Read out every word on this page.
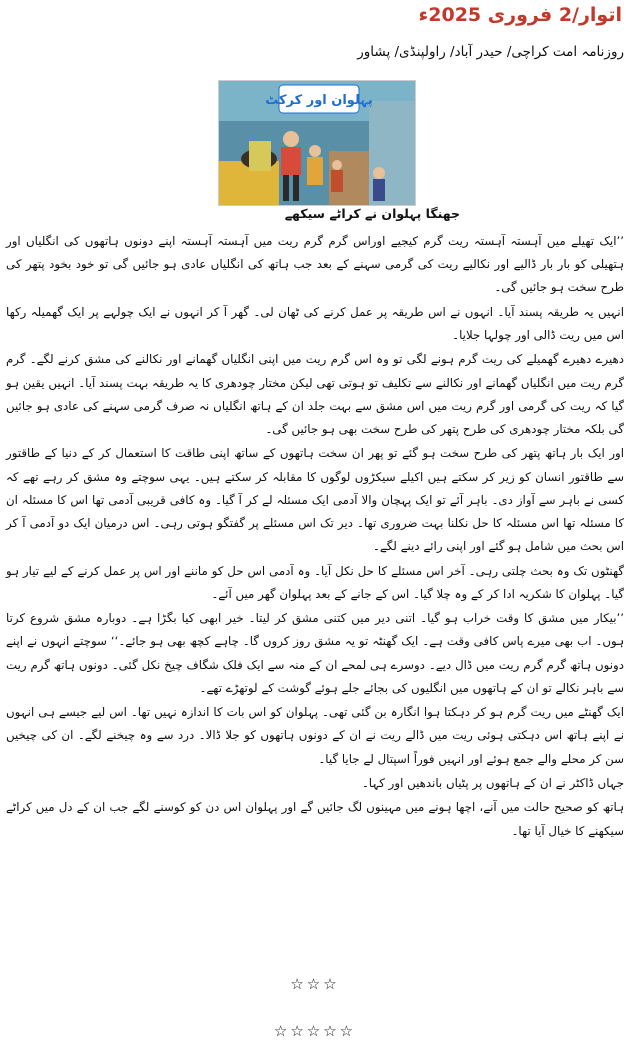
اتوار/2 فروری 2025ء
روزنامہ امت کراچی/ حیدر آباد/ راولپنڈی/ پشاور
پہلوان اور کرکٹ
جھنگا پہلوان نے کراٹے سیکھے

’’ایک تھیلے میں آہستہ آہستہ ریت گرم کیجیے اوراس گرم گرم ریت میں آہستہ آہستہ اپنے دونوں ہاتھوں کی انگلیاں اور ہتھیلی کو بار بار ڈالیے اور نکالیے ریت کی گرمی سہنے کے بعد جب ہاتھ کی انگلیاں عادی ہو جائیں گی تو خود بخود پتھر کی طرح سخت ہو جائیں گی۔

انہیں یہ طریقہ پسند آیا۔ انہوں نے اس طریقہ پر عمل کرنے کی ٹھان لی۔ گھر آ کر انہوں نے ایک چولہے پر ایک گھمیلہ رکھا اس میں ریت ڈالی اور چولہا جلایا۔

دھیرے دھیرے گھمیلے کی ریت گرم ہونے لگی تو وہ اس گرم ریت میں اپنی انگلیاں گھمانے اور نکالنے کی مشق کرنے لگے۔ گرم گرم ریت میں انگلیاں گھمانے اور نکالنے سے تکلیف تو ہوتی تھی لیکن مختار چودھری کا یہ طریقہ بہت پسند آیا۔ انہیں یقین ہو گیا کہ ریت کی گرمی اور گرم ریت میں اس مشق سے بہت جلد ان کے ہاتھ انگلیاں نہ صرف گرمی سہنے کی عادی ہو جائیں گی بلکہ مختار چودھری کی طرح پتھر کی طرح سخت بھی ہو جائیں گی۔

اور ایک بار ہاتھ پتھر کی طرح سخت ہو گئے تو پھر ان سخت ہاتھوں کے ساتھ اپنی طاقت کا استعمال کر کے دنیا کے طاقتور سے طاقتور انسان کو زیر کر سکتے ہیں اکیلے سیکڑوں لوگوں کا مقابلہ کر سکتے ہیں۔ یہی سوچتے وہ مشق کر رہے تھے کہ کسی نے باہر سے آواز دی۔ باہر آئے تو ایک پہچان والا آدمی ایک مسئلہ لے کر آ گیا۔ وہ کافی قریبی آدمی تھا اس کا مسئلہ ان کا مسئلہ تھا اس مسئلہ کا حل نکلنا بہت ضروری تھا۔ دیر تک اس مسئلے پر گفتگو ہوتی رہی۔ اس درمیان ایک دو آدمی آ کر اس بحث میں شامل ہو گئے اور اپنی رائے دینے لگے۔

گھنٹوں تک وہ بحث چلتی رہی۔ آخر اس مسئلے کا حل نکل آیا۔ وہ آدمی اس حل کو ماننے اور اس پر عمل کرنے کے لیے تیار ہو گیا۔ پہلوان کا شکریہ ادا کر کے وہ چلا گیا۔ اس کے جانے کے بعد پہلوان گھر میں آئے۔

’’بیکار میں مشق کا وقت خراب ہو گیا۔ اتنی دیر میں کتنی مشق کر لیتا۔ خیر ابھی کیا بگڑا ہے۔ دوبارہ مشق شروع کرتا ہوں۔ اب بھی میرے پاس کافی وقت ہے۔ ایک گھنٹہ تو یہ مشق روز کروں گا۔ چاہے کچھ بھی ہو جائے۔‘‘ سوچتے انہوں نے اپنے دونوں ہاتھ گرم گرم ریت میں ڈال دیے۔ دوسرے ہی لمحے ان کے منہ سے ایک فلک شگاف چیخ نکل گئی۔ دونوں ہاتھ گرم ریت سے باہر نکالے تو ان کے ہاتھوں میں انگلیوں کی بجائے جلے ہوئے گوشت کے لوتھڑے تھے۔

ایک گھنٹے میں ریت گرم ہو کر دہکتا ہوا انگارہ بن گئی تھی۔ پہلوان کو اس بات کا اندازہ نہیں تھا۔ اس لیے جیسے ہی انہوں نے اپنے ہاتھ اس دہکتی ہوئی ریت میں ڈالے ریت نے ان کے دونوں ہاتھوں کو جلا ڈالا۔ درد سے وہ چیخنے لگے۔ ان کی چیخیں سن کر محلے والے جمع ہوئے اور انہیں فوراً اسپتال لے جایا گیا۔

جہاں ڈاکٹر نے ان کے ہاتھوں پر پٹیاں باندھیں اور کہا۔

ہاتھ کو صحیح حالت میں آنے، اچھا ہونے میں مہینوں لگ جائیں گے اور پہلوان اس دن کو کوسنے لگے جب ان کے دل میں کراٹے سیکھنے کا خیال آیا تھا۔

☆☆☆
☆☆☆☆☆
